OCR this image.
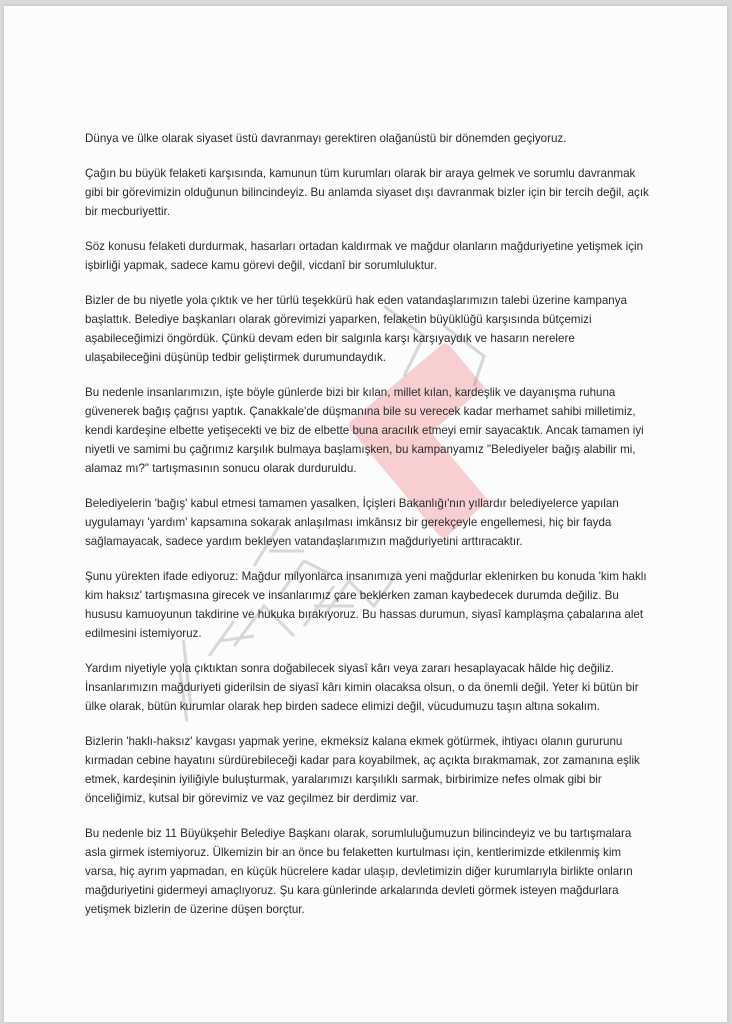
Dünya ve ülke olarak siyaset üstü davranmayı gerektiren olağanüstü bir dönemden geçiyoruz.

Çağın bu büyük felaketi karşısında, kamunun tüm kurumları olarak bir araya gelmek ve sorumlu davranmak gibi bir görevimizin olduğunun bilincindeyiz. Bu anlamda siyaset dışı davranmak bizler için bir tercih değil, açık bir mecburiyettir.

Söz konusu felaketi durdurmak, hasarları ortadan kaldırmak ve mağdur olanların mağduriyetine yetişmek için işbirliği yapmak, sadece kamu görevi değil, vicdanî bir sorumluluktur.

Bizler de bu niyetle yola çıktık ve her türlü teşekkürü hak eden vatandaşlarımızın talebi üzerine kampanya başlattık. Belediye başkanları olarak görevimizi yaparken, felaketin büyüklüğü karşısında bütçemizi aşabileceğimizi öngördük. Çünkü devam eden bir salgınla karşı karşıyaydık ve hasarın nerelere ulaşabileceğini düşünüp tedbir geliştirmek durumundaydık.

Bu nedenle insanlarımızın, işte böyle günlerde bizi bir kılan, millet kılan, kardeşlik ve dayanışma ruhuna güvenerek bağış çağrısı yaptık. Çanakkale'de düşmanına bile su verecek kadar merhamet sahibi milletimiz, kendi kardeşine elbette yetişecekti ve biz de elbette buna aracılık etmeyi emir sayacaktık. Ancak tamamen iyi niyetli ve samimi bu çağrımız karşılık bulmaya başlamışken, bu kampanyamız "Belediyeler bağış alabilir mi, alamaz mı?" tartışmasının sonucu olarak durduruldu.

Belediyelerin 'bağış' kabul etmesi tamamen yasalken, İçişleri Bakanlığı'nın yıllardır belediyelerce yapılan uygulamayı 'yardım' kapsamına sokarak anlaşılması imkânsız bir gerekçeyle engellemesi, hiç bir fayda sağlamayacak, sadece yardım bekleyen vatandaşlarımızın mağduriyetini arttıracaktır.

Şunu yürekten ifade ediyoruz: Mağdur milyonlarca insanımıza yeni mağdurlar eklenirken bu konuda 'kim haklı kim haksız' tartışmasına girecek ve insanlarımız çare beklerken zaman kaybedecek durumda değiliz. Bu hususu kamuoyunun takdirine ve hukuka bırakıyoruz. Bu hassas durumun, siyasî kamplaşma çabalarına alet edilmesini istemiyoruz.

Yardım niyetiyle yola çıktıktan sonra doğabilecek siyasî kârı veya zararı hesaplayacak hâlde hiç değiliz. İnsanlarımızın mağduriyeti giderilsin de siyasî kârı kimin olacaksa olsun, o da önemli değil. Yeter ki bütün bir ülke olarak, bütün kurumlar olarak hep birden sadece elimizi değil, vücudumuzu taşın altına sokalım.

Bizlerin 'haklı-haksız' kavgası yapmak yerine, ekmeksiz kalana ekmek götürmek, ihtiyacı olanın gururunu kırmadan cebine hayatını sürdürebileceği kadar para koyabilmek, aç açıkta bırakmamak, zor zamanına eşlik etmek, kardeşinin iyiliğiyle buluşturmak, yaralarımızı karşılıklı sarmak, birbirimize nefes olmak gibi bir önceliğimiz, kutsal bir görevimiz ve vaz geçilmez bir derdimiz var.

Bu nedenle biz 11 Büyükşehir Belediye Başkanı olarak, sorumluluğumuzun bilincindeyiz ve bu tartışmalara asla girmek istemiyoruz. Ülkemizin bir an önce bu felaketten kurtulması için, kentlerimizde etkilenmiş kim varsa, hiç ayrım yapmadan, en küçük hücrelere kadar ulaşıp, devletimizin diğer kurumlarıyla birlikte onların mağduriyetini gidermeyi amaçlıyoruz. Şu kara günlerinde arkalarında devleti görmek isteyen mağdurlara yetişmek bizlerin de üzerine düşen borçtur.
